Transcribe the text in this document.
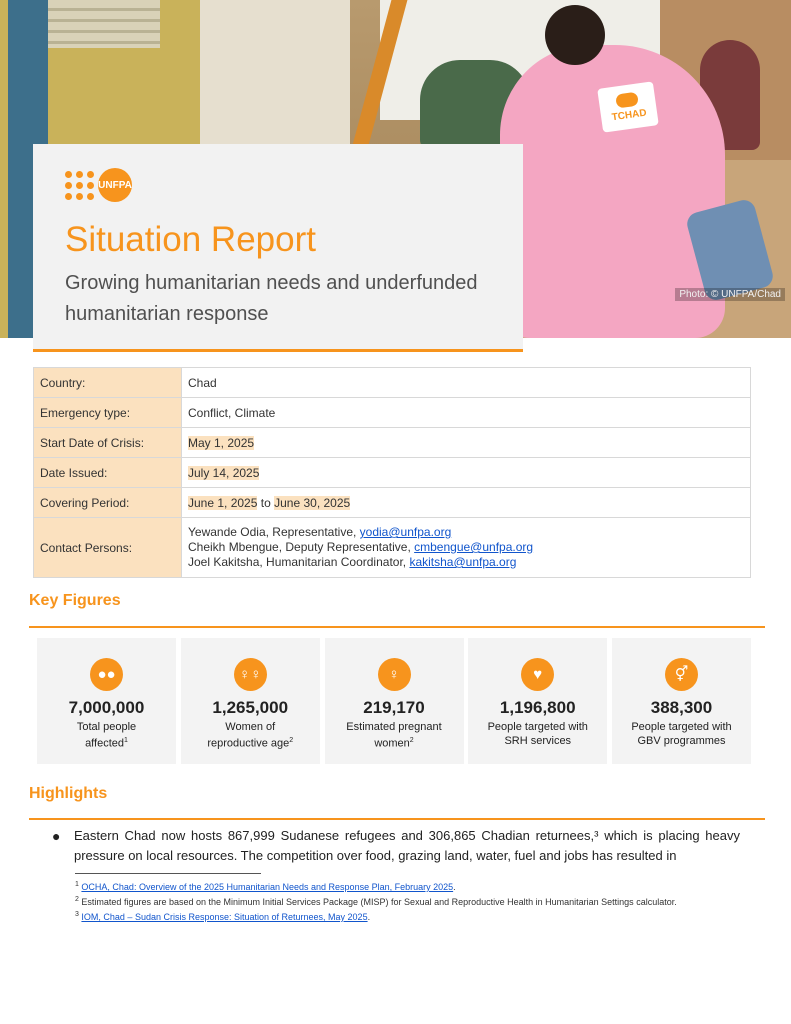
TCHAD
Photo: © UNFPA/Chad
UNFPA
Situation Report

Growing humanitarian needs and underfunded humanitarian response

Country:	Chad
Emergency type:	Conflict, Climate
Start Date of Crisis:	May 1, 2025
Date Issued:	July 14, 2025
Covering Period:	June 1, 2025 to June 30, 2025
Contact Persons:	Yewande Odia, Representative, yodia@unfpa.org
Cheikh Mbengue, Deputy Representative, cmbengue@unfpa.org
Joel Kakitsha, Humanitarian Coordinator, kakitsha@unfpa.org
Key Figures
●●
7,000,000
Total people
affected$^1$
♀♀
1,265,000
Women of
reproductive age$^2$
♀
219,170
Estimated pregnant
women$^2$
♥
1,196,800
People targeted with
SRH services
⚥
388,300
People targeted with
GBV programmes
Highlights
● Eastern Chad now hosts 867,999 Sudanese refugees and 306,865 Chadian returnees,³ which is placing heavy pressure on local resources. The competition over food, grazing land, water, fuel and jobs has resulted in
$^1$ OCHA, Chad: Overview of the 2025 Humanitarian Needs and Response Plan, February 2025.
$^2$ Estimated figures are based on the Minimum Initial Services Package (MISP) for Sexual and Reproductive Health in Humanitarian Settings calculator.
$^3$ IOM, Chad – Sudan Crisis Response: Situation of Returnees, May 2025.
